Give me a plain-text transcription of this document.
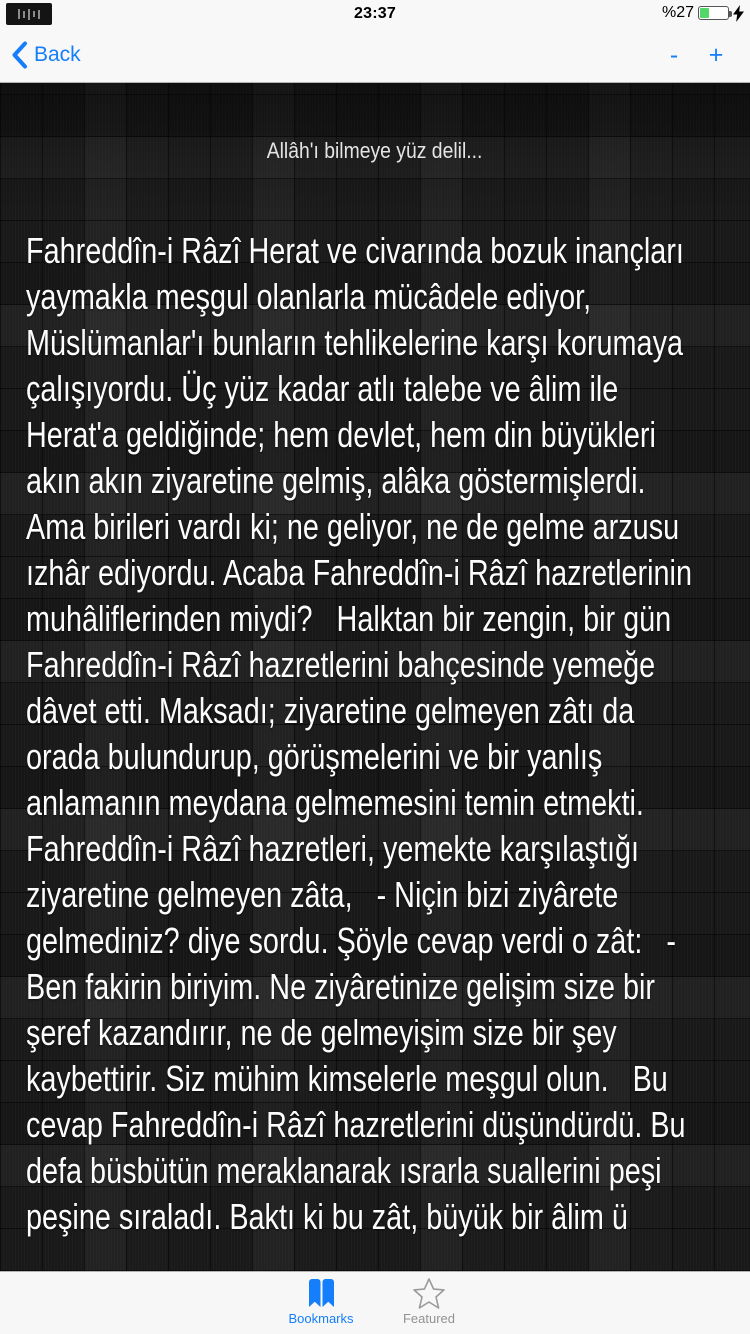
23:37	%27
Back	-	+
Allâh'ı bilmeye yüz delil...
Fahreddîn-i Râzî Herat ve civarında bozuk inançları
yaymakla meşgul olanlarla mücâdele ediyor,
Müslümanlar'ı bunların tehlikelerine karşı korumaya
çalışıyordu. Üç yüz kadar atlı talebe ve âlim ile
Herat'a geldiğinde; hem devlet, hem din büyükleri
akın akın ziyaretine gelmiş, alâka göstermişlerdi.
Ama birileri vardı ki; ne geliyor, ne de gelme arzusu
ızhâr ediyordu. Acaba Fahreddîn-i Râzî hazretlerinin
muhâliflerinden miydi?   Halktan bir zengin, bir gün
Fahreddîn-i Râzî hazretlerini bahçesinde yemeğe
dâvet etti. Maksadı; ziyaretine gelmeyen zâtı da
orada bulundurup, görüşmelerini ve bir yanlış
anlamanın meydana gelmemesini temin etmekti.
Fahreddîn-i Râzî hazretleri, yemekte karşılaştığı
ziyaretine gelmeyen zâta,   - Niçin bizi ziyârete
gelmediniz? diye sordu. Şöyle cevap verdi o zât:   -
Ben fakirin biriyim. Ne ziyâretinize gelişim size bir
şeref kazandırır, ne de gelmeyişim size bir şey
kaybettirir. Siz mühim kimselerle meşgul olun.   Bu
cevap Fahreddîn-i Râzî hazretlerini düşündürdü. Bu
defa büsbütün meraklanarak ısrarla suallerini peşi
peşine sıraladı. Baktı ki bu zât, büyük bir âlim ü
Bookmarks	Featured
